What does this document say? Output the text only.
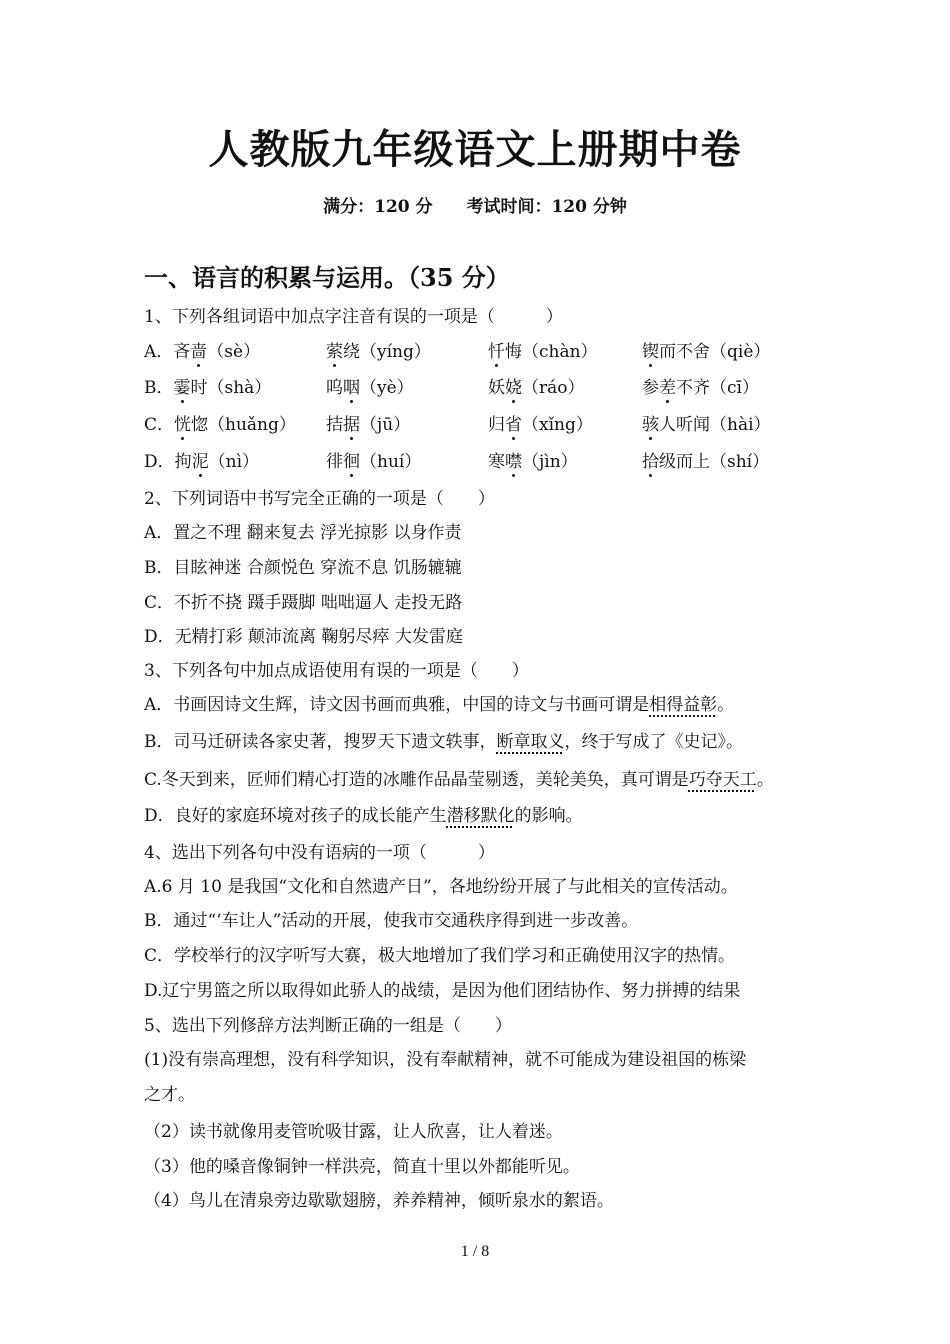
人教版九年级语文上册期中卷
满分：120 分 考试时间：120 分钟
一、语言的积累与运用。（35 分）
1、下列各组词语中加点字注音有误的一项是（　　　）
A．吝啬（sè）	萦绕（yíng）	忏悔（chàn）	锲而不舍（qiè）
B．霎时（shà）	呜咽（yè）	妖娆（ráo）	参差不齐（cī）
C．恍惚（huǎng） 拮据（jū）	归省（xǐng）	骇人听闻（hài）
D．拘泥（nì）	徘徊（huí）	寒噤（jìn）	拾级而上（shí）
2、下列词语中书写完全正确的一项是（　　）
A．置之不理 翻来复去 浮光掠影 以身作责
B．目眩神迷 合颜悦色 穿流不息 饥肠辘辘
C．不折不挠 蹑手蹑脚 咄咄逼人 走投无路
D．无精打彩 颠沛流离 鞠躬尽瘁 大发雷庭
3、下列各句中加点成语使用有误的一项是（　　）
A．书画因诗文生辉，诗文因书画而典雅，中国的诗文与书画可谓是相得益彰。
B．司马迁研读各家史著，搜罗天下遗文轶事，断章取义，终于写成了《史记》。
C.冬天到来，匠师们精心打造的冰雕作品晶莹剔透，美轮美奂，真可谓是巧夺天工。
D．良好的家庭环境对孩子的成长能产生潜移默化的影响。
4、选出下列各句中没有语病的一项（　　　）
A.6 月 10 是我国“文化和自然遗产日”，各地纷纷开展了与此相关的宣传活动。
B．通过“‘车让人”活动的开展，使我市交通秩序得到进一步改善。
C．学校举行的汉字听写大赛，极大地增加了我们学习和正确使用汉字的热情。
D.辽宁男篮之所以取得如此骄人的战绩，是因为他们团结协作、努力拼搏的结果
5、选出下列修辞方法判断正确的一组是（　　）
(1)没有崇高理想，没有科学知识，没有奉献精神，就不可能成为建设祖国的栋梁
之才。
（2）读书就像用麦管吮吸甘露，让人欣喜，让人着迷。
（3）他的嗓音像铜钟一样洪亮，简直十里以外都能听见。
（4）鸟儿在清泉旁边歇歇翅膀，养养精神，倾听泉水的絮语。
1 / 8
